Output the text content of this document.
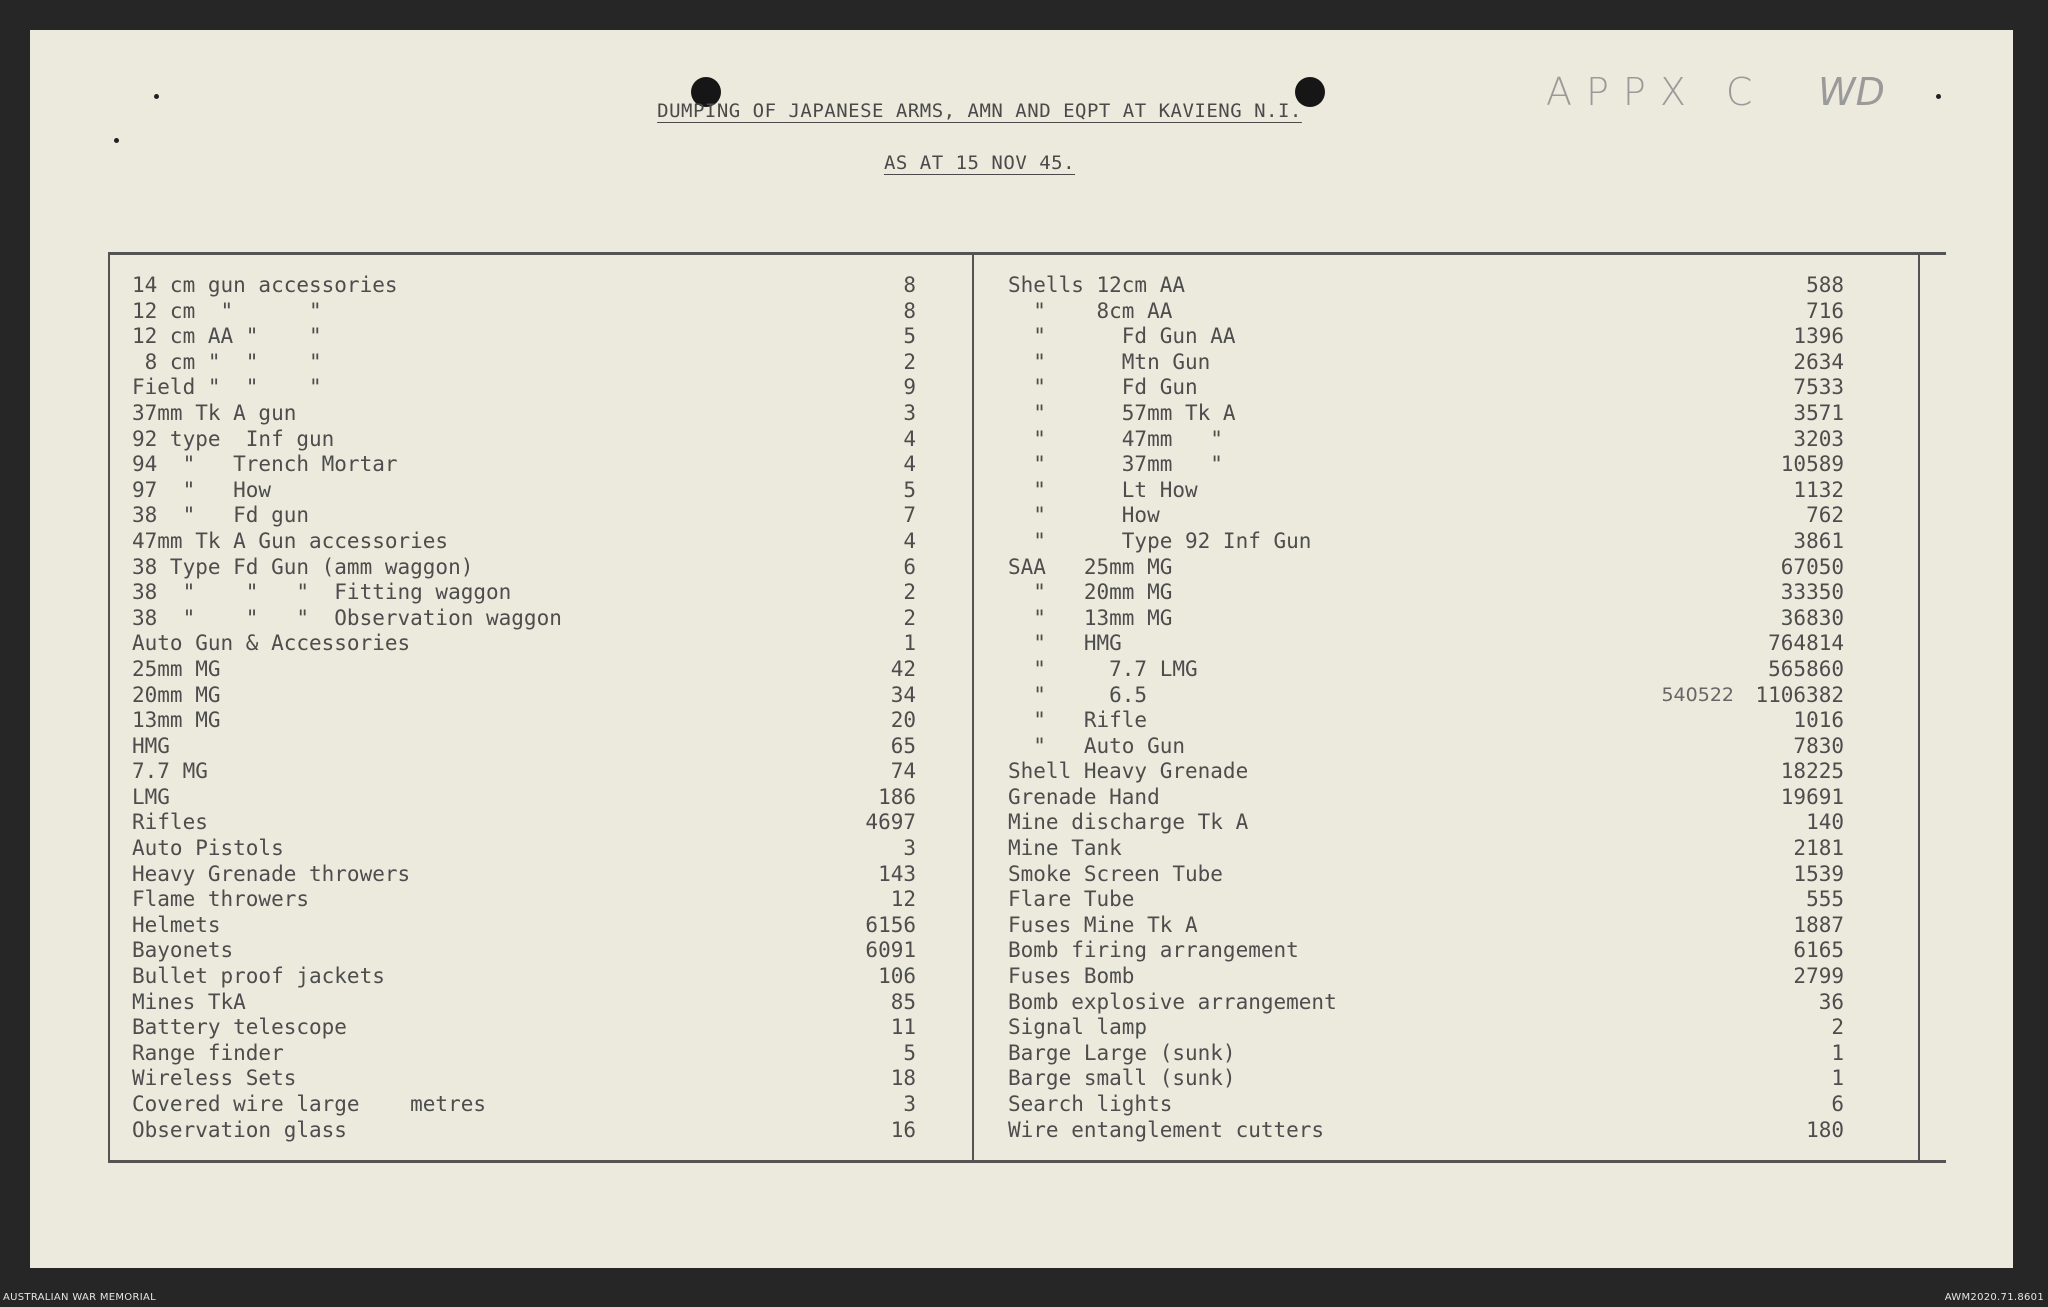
DUMPING OF JAPANESE ARMS, AMN AND EQPT AT KAVIENG N.I.
AS AT 15 NOV 45.
APPX C WD
14 cm gun accessories	8
12 cm  "      "	8
12 cm AA "    "	5
8 cm "  "    "	2
Field "  "    "	9
37mm Tk A gun	3
92 type  Inf gun	4
94  "   Trench Mortar	4
97  "   How	5
38  "   Fd gun	7
47mm Tk A Gun accessories	4
38 Type Fd Gun (amm waggon)	6
38  "    "   "  Fitting waggon	2
38  "    "   "  Observation waggon	2
Auto Gun & Accessories	1
25mm MG	42
20mm MG	34
13mm MG	20
HMG	65
7.7 MG	74
LMG	186
Rifles	4697
Auto Pistols	3
Heavy Grenade throwers	143
Flame throwers	12
Helmets	6156
Bayonets	6091
Bullet proof jackets	106
Mines TkA	85
Battery telescope	11
Range finder	5
Wireless Sets	18
Covered wire large    metres	3
Observation glass	16
Shells 12cm AA	588
"    8cm AA	716
"      Fd Gun AA	1396
"      Mtn Gun	2634
"      Fd Gun	7533
"      57mm Tk A	3571
"      47mm   "	3203
"      37mm   "	10589
"      Lt How	1132
"      How	762
"      Type 92 Inf Gun	3861
SAA   25mm MG	67050
"   20mm MG	33350
"   13mm MG	36830
"   HMG	764814
"     7.7 LMG	565860
"     6.5	540522 1106382
"   Rifle	1016
"   Auto Gun	7830
Shell Heavy Grenade	18225
Grenade Hand	19691
Mine discharge Tk A	140
Mine Tank	2181
Smoke Screen Tube	1539
Flare Tube	555
Fuses Mine Tk A	1887
Bomb firing arrangement	6165
Fuses Bomb	2799
Bomb explosive arrangement	36
Signal lamp	2
Barge Large (sunk)	1
Barge small (sunk)	1
Search lights	6
Wire entanglement cutters	180
AUSTRALIAN WAR MEMORIAL	AWM2020.71.8601
